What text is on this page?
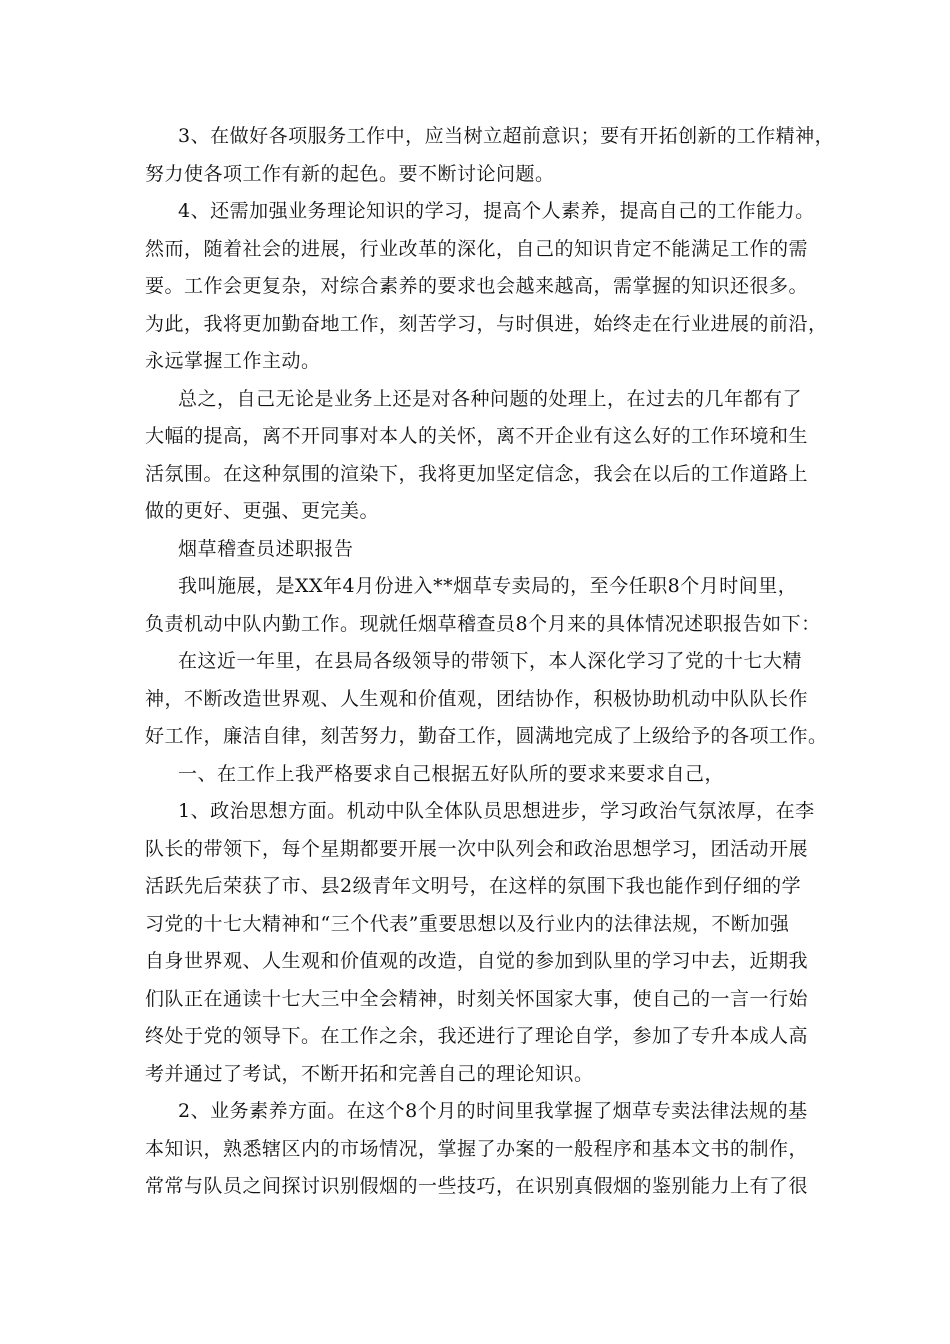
3、在做好各项服务工作中，应当树立超前意识；要有开拓创新的工作精神，
努力使各项工作有新的起色。要不断讨论问题。
4、还需加强业务理论知识的学习，提高个人素养，提高自己的工作能力。
然而，随着社会的进展，行业改革的深化，自己的知识肯定不能满足工作的需
要。工作会更复杂，对综合素养的要求也会越来越高，需掌握的知识还很多。
为此，我将更加勤奋地工作，刻苦学习，与时俱进，始终走在行业进展的前沿，
永远掌握工作主动。
总之，自己无论是业务上还是对各种问题的处理上，在过去的几年都有了
大幅的提高，离不开同事对本人的关怀，离不开企业有这么好的工作环境和生
活氛围。在这种氛围的渲染下，我将更加坚定信念，我会在以后的工作道路上
做的更好、更强、更完美。
烟草稽查员述职报告
我叫施展，是XX年4月份进入**烟草专卖局的，至今任职8个月时间里，
负责机动中队内勤工作。现就任烟草稽查员8个月来的具体情况述职报告如下：
在这近一年里，在县局各级领导的带领下，本人深化学习了党的十七大精
神，不断改造世界观、人生观和价值观，团结协作，积极协助机动中队队长作
好工作，廉洁自律，刻苦努力，勤奋工作，圆满地完成了上级给予的各项工作。
一、在工作上我严格要求自己根据五好队所的要求来要求自己，
1、政治思想方面。机动中队全体队员思想进步，学习政治气氛浓厚，在李
队长的带领下，每个星期都要开展一次中队列会和政治思想学习，团活动开展
活跃先后荣获了市、县2级青年文明号，在这样的氛围下我也能作到仔细的学
习党的十七大精神和“三个代表”重要思想以及行业内的法律法规，不断加强
自身世界观、人生观和价值观的改造，自觉的参加到队里的学习中去，近期我
们队正在通读十七大三中全会精神，时刻关怀国家大事，使自己的一言一行始
终处于党的领导下。在工作之余，我还进行了理论自学，参加了专升本成人高
考并通过了考试，不断开拓和完善自己的理论知识。
2、业务素养方面。在这个8个月的时间里我掌握了烟草专卖法律法规的基
本知识，熟悉辖区内的市场情况，掌握了办案的一般程序和基本文书的制作，
常常与队员之间探讨识别假烟的一些技巧，在识别真假烟的鉴别能力上有了很
